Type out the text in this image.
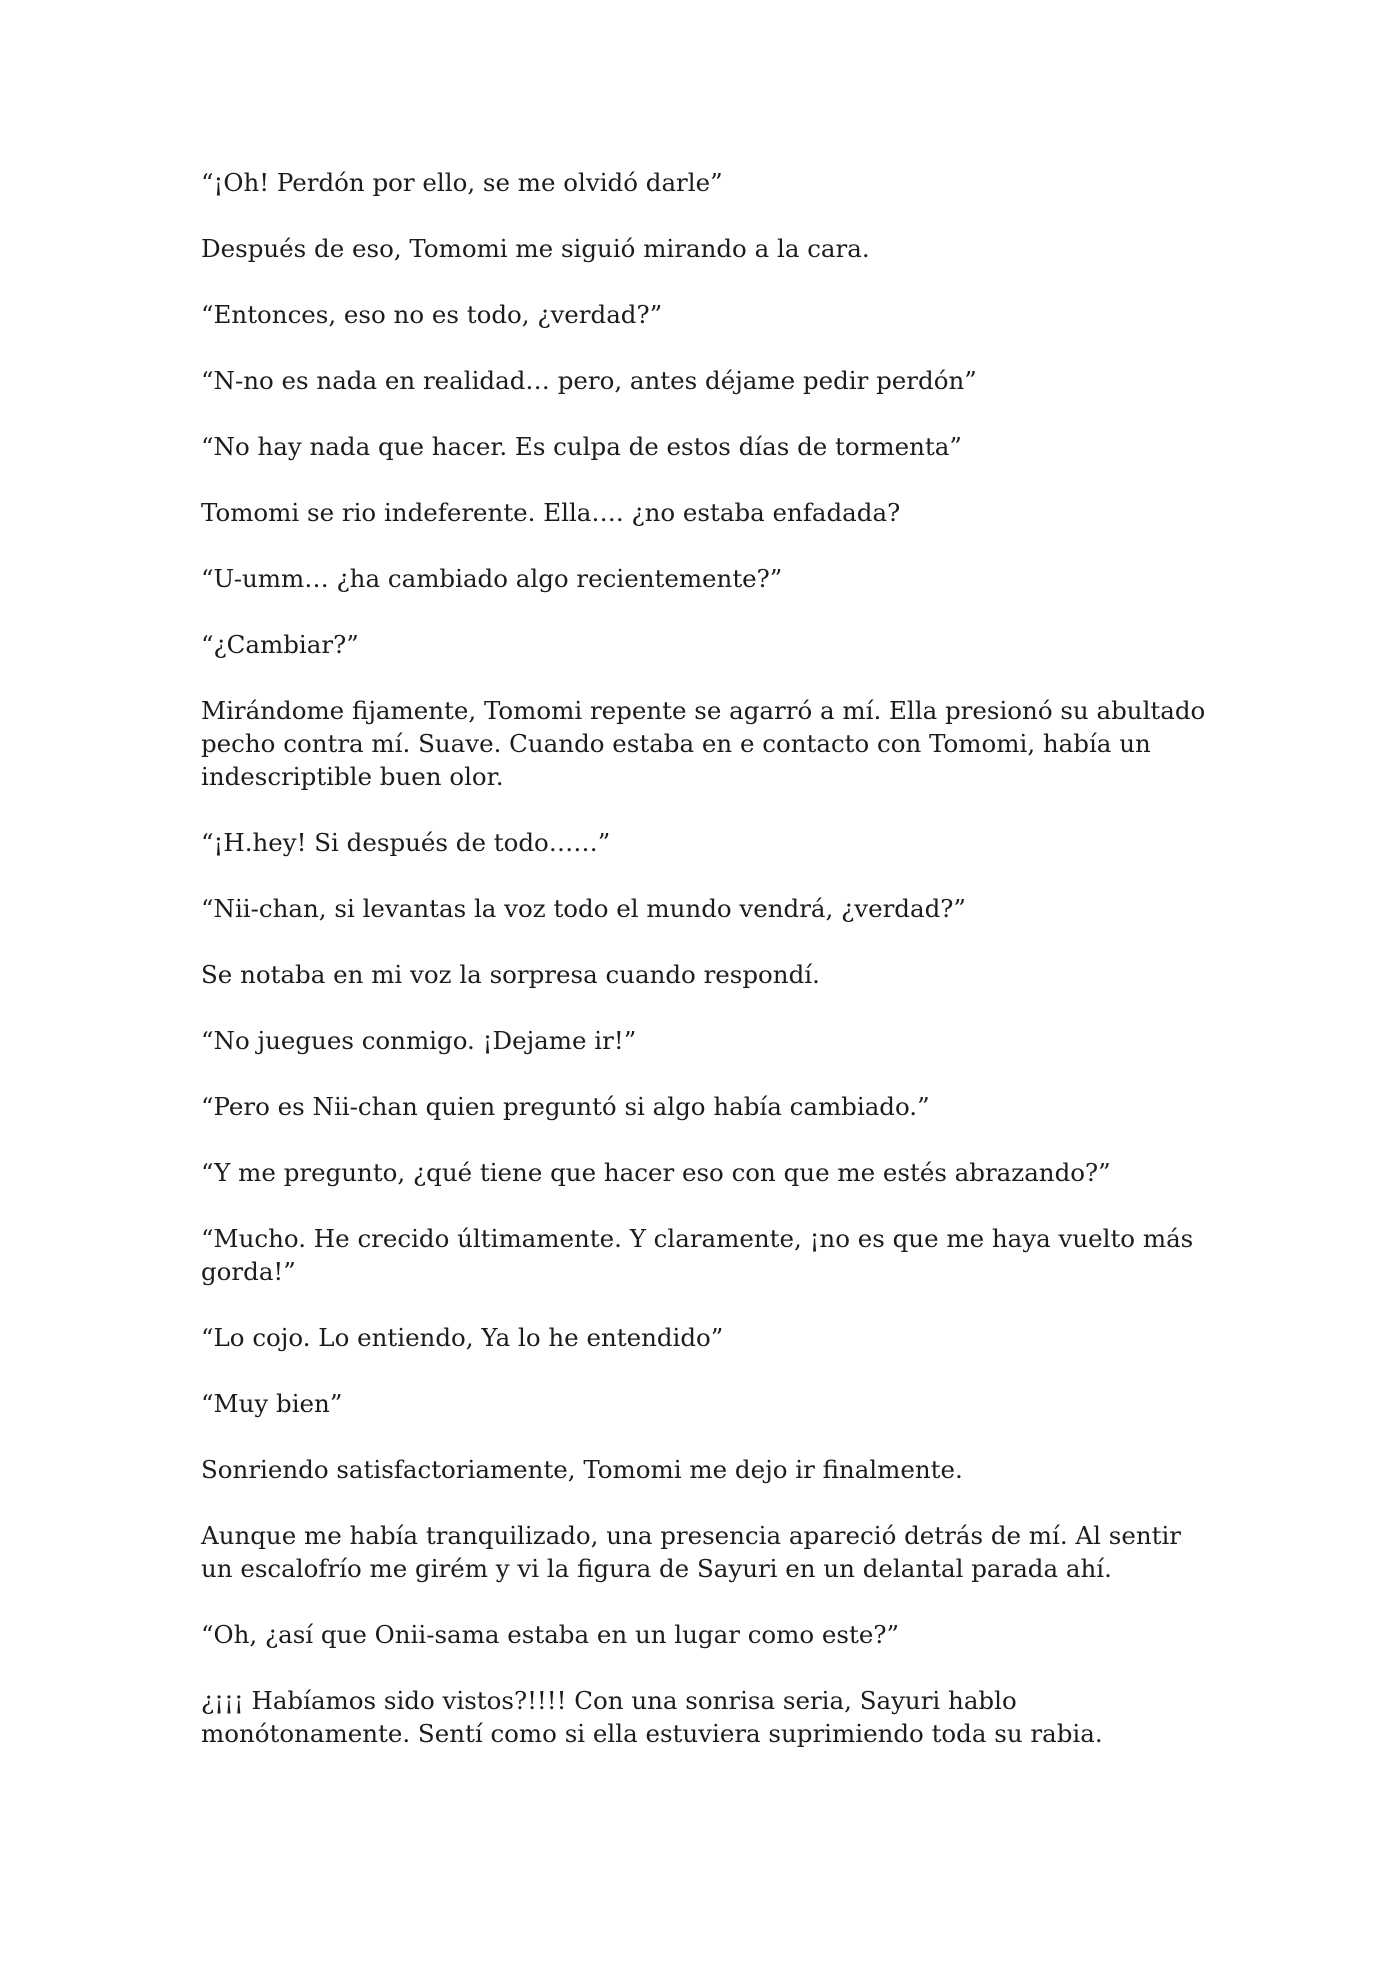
“¡Oh! Perdón por ello, se me olvidó darle”

Después de eso, Tomomi me siguió mirando a la cara.

“Entonces, eso no es todo, ¿verdad?”

“N-no es nada en realidad… pero, antes déjame pedir perdón”

“No hay nada que hacer. Es culpa de estos días de tormenta”

Tomomi se rio indeferente. Ella…. ¿no estaba enfadada?

“U-umm… ¿ha cambiado algo recientemente?”

“¿Cambiar?”

Mirándome fijamente, Tomomi repente se agarró a mí. Ella presionó su abultado pecho contra mí. Suave. Cuando estaba en e contacto con Tomomi, había un indescriptible buen olor.

“¡H.hey! Si después de todo……”

“Nii-chan, si levantas la voz todo el mundo vendrá, ¿verdad?”

Se notaba en mi voz la sorpresa cuando respondí.

“No juegues conmigo. ¡Dejame ir!”

“Pero es Nii-chan quien preguntó si algo había cambiado.”

“Y me pregunto, ¿qué tiene que hacer eso con que me estés abrazando?”

“Mucho. He crecido últimamente. Y claramente, ¡no es que me haya vuelto más gorda!”

“Lo cojo. Lo entiendo, Ya lo he entendido”

“Muy bien”

Sonriendo satisfactoriamente, Tomomi me dejo ir finalmente.

Aunque me había tranquilizado, una presencia apareció detrás de mí. Al sentir un escalofrío me girém y vi la figura de Sayuri en un delantal parada ahí.

“Oh, ¿así que Onii-sama estaba en un lugar como este?”

¿¡¡¡ Habíamos sido vistos?!!!! Con una sonrisa seria, Sayuri hablo monótonamente. Sentí como si ella estuviera suprimiendo toda su rabia.
